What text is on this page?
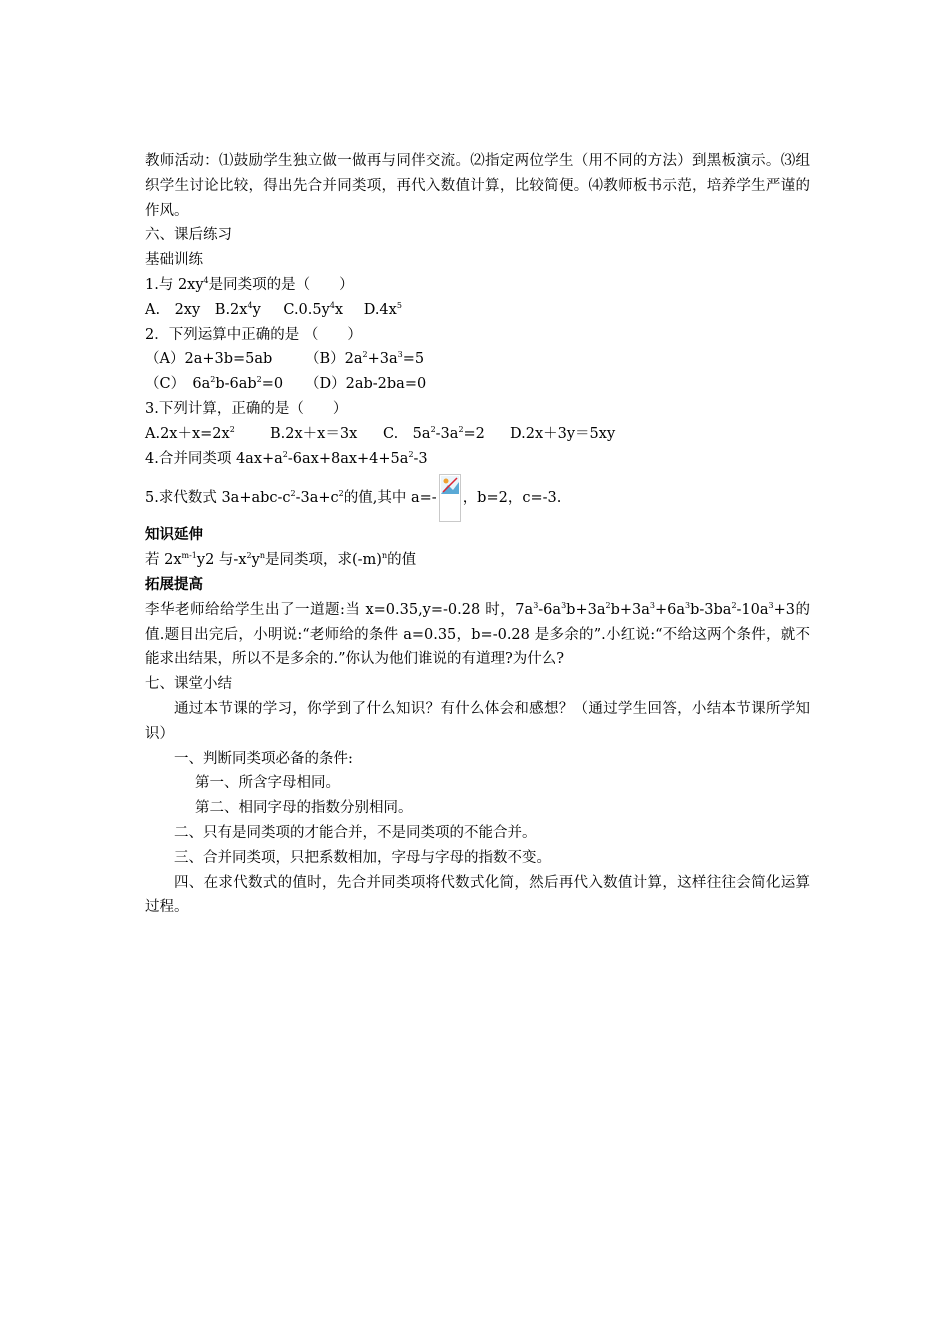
教师活动：⑴鼓励学生独立做一做再与同伴交流。⑵指定两位学生（用不同的方法）到黑板演示。⑶组织学生讨论比较，得出先合并同类项，再代入数值计算，比较简便。⑷教师板书示范，培养学生严谨的作风。
六、课后练习
基础训练
1.与 $2xy^4$是同类项的是（　　）
A.　2xy $B.2x^4y$ $C.0.5y^4x$ $D.4x^5$
2．下列运算中正确的是 （　　）
（A）2a+3b=5ab $(B)2a^2+3a^3=5$
（C）　$6a^2b-6ab^2=0$ （D）2ab-2ba=0
3.下列计算，正确的是（　　）
$A.2x+x=2x^2$ B.2x＋x＝3x C.　$5a^2-3a^2=2$ D.2x＋3y＝5xy
4.合并同类项 $4ax+a^2-6ax+8ax+4+5a^2-3$
5.求代数式 $3a+abc-c^2-3a+c^2$的值,其中 a=- ，b=2，c=-3.
知识延伸
若 $2x^{m-1}y2$ 与$-x^2y^n$是同类项，求$(-m)^n$的值
拓展提高
李华老师给给学生出了一道题:当 x=0.35,y=-0.28 时，$7a^3-6a^3b+3a^2b+3a^3+6a^3b-3ba^2-10a^3+3$的值.题目出完后，小明说:“老师给的条件 a=0.35，b=-0.28 是多余的”.小红说:“不给这两个条件，就不能求出结果，所以不是多余的.”你认为他们谁说的有道理?为什么?
七、课堂小结
通过本节课的学习，你学到了什么知识？有什么体会和感想？（通过学生回答，小结本节课所学知识）
一、判断同类项必备的条件:
第一、所含字母相同。
第二、相同字母的指数分别相同。
二、只有是同类项的才能合并，不是同类项的不能合并。
三、合并同类项，只把系数相加，字母与字母的指数不变。
四、在求代数式的值时，先合并同类项将代数式化简，然后再代入数值计算，这样往往会简化运算过程。
